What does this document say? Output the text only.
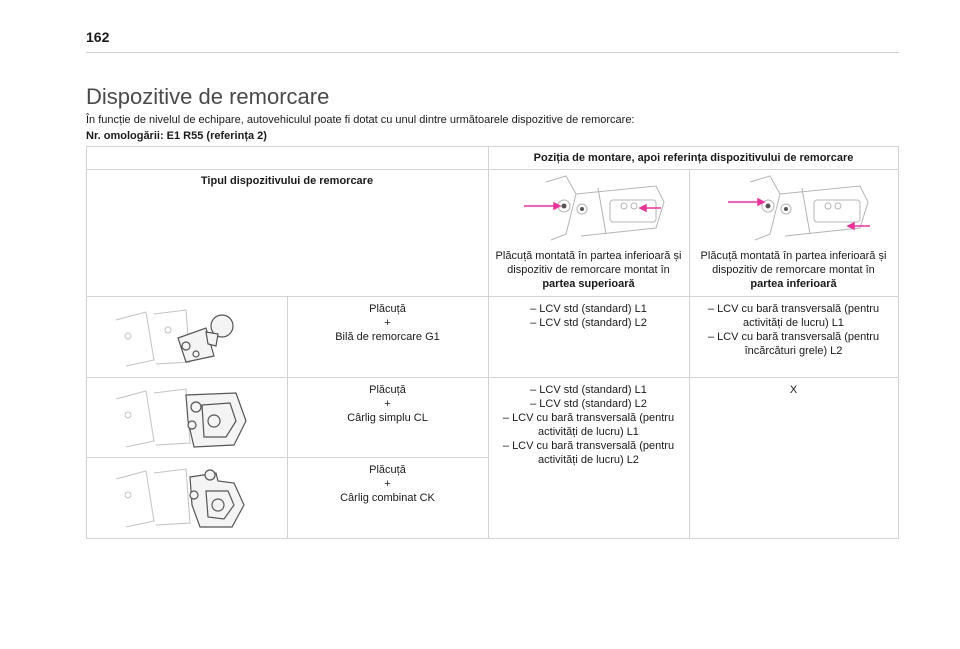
162
Dispozitive de remorcare
În funcție de nivelul de echipare, autovehiculul poate fi dotat cu unul dintre următoarele dispozitive de remorcare:
Nr. omologării: E1 R55 (referința 2)
Poziția de montare, apoi referința dispozitivului de remorcare
Tipul dispozitivului de remorcare
Plăcuță montată în partea inferioară și dispozitiv de remorcare montat în partea superioară
Plăcuță montată în partea inferioară și dispozitiv de remorcare montat în partea inferioară
Plăcuță
+
Bilă de remorcare G1
– LCV std (standard) L1
– LCV std (standard) L2
– LCV cu bară transversală (pentru activități de lucru) L1
– LCV cu bară transversală (pentru încărcături grele) L2
Plăcuță
+
Cârlig simplu CL
– LCV std (standard) L1
– LCV std (standard) L2
– LCV cu bară transversală (pentru activități de lucru) L1
– LCV cu bară transversală (pentru activități de lucru) L2
X
Plăcuță
+
Cârlig combinat CK
